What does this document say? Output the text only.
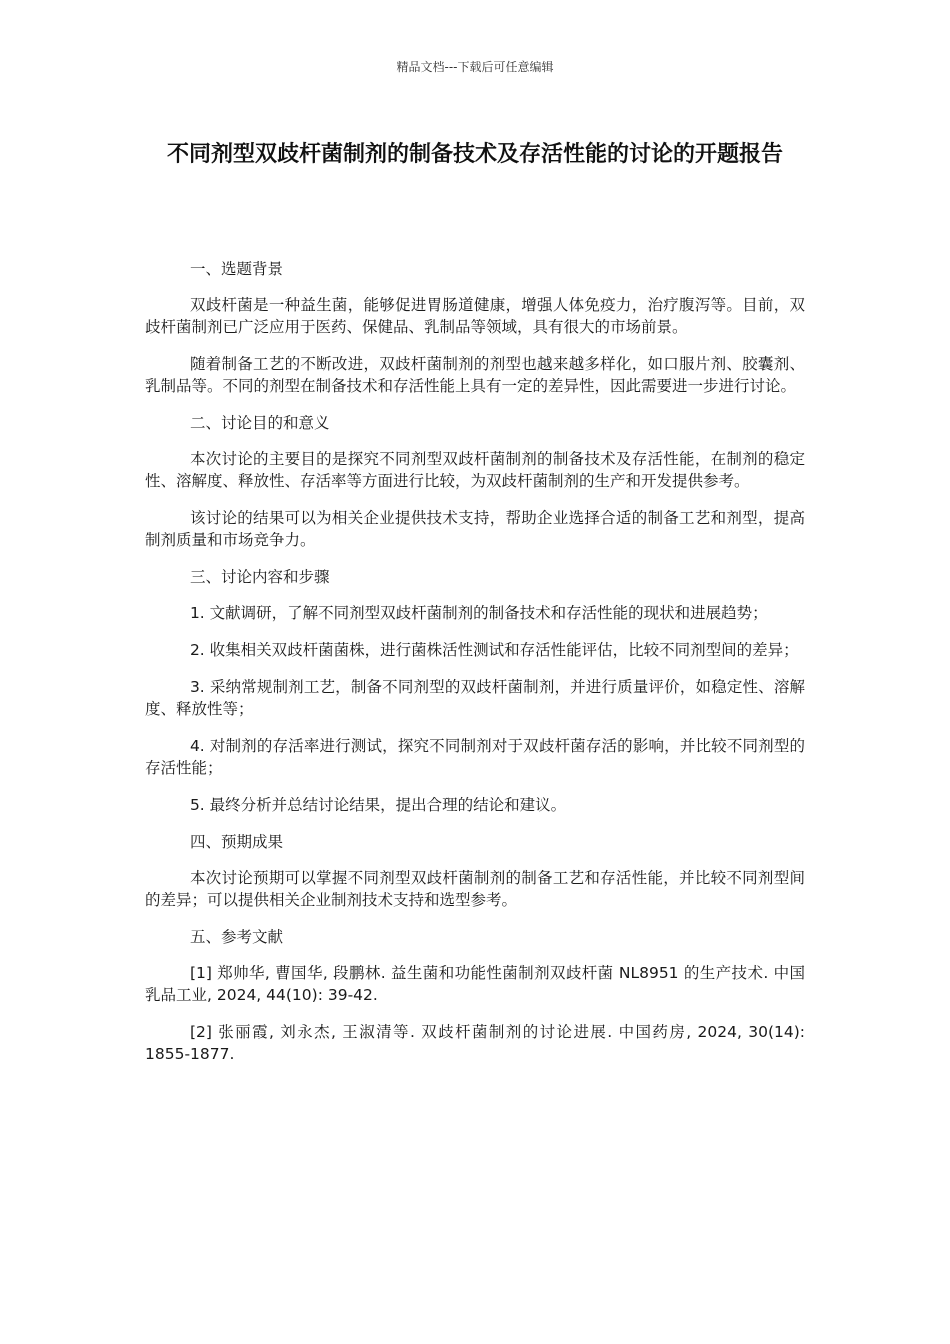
精品文档---下载后可任意编辑
不同剂型双歧杆菌制剂的制备技术及存活性能的讨论的开题报告

一、选题背景

双歧杆菌是一种益生菌，能够促进胃肠道健康，增强人体免疫力，治疗腹泻等。目前，双歧杆菌制剂已广泛应用于医药、保健品、乳制品等领域，具有很大的市场前景。

随着制备工艺的不断改进，双歧杆菌制剂的剂型也越来越多样化，如口服片剂、胶囊剂、乳制品等。不同的剂型在制备技术和存活性能上具有一定的差异性，因此需要进一步进行讨论。

二、讨论目的和意义

本次讨论的主要目的是探究不同剂型双歧杆菌制剂的制备技术及存活性能，在制剂的稳定性、溶解度、释放性、存活率等方面进行比较，为双歧杆菌制剂的生产和开发提供参考。

该讨论的结果可以为相关企业提供技术支持，帮助企业选择合适的制备工艺和剂型，提高制剂质量和市场竞争力。

三、讨论内容和步骤

1. 文献调研，了解不同剂型双歧杆菌制剂的制备技术和存活性能的现状和进展趋势；

2. 收集相关双歧杆菌菌株，进行菌株活性测试和存活性能评估，比较不同剂型间的差异；

3. 采纳常规制剂工艺，制备不同剂型的双歧杆菌制剂，并进行质量评价，如稳定性、溶解度、释放性等；

4. 对制剂的存活率进行测试，探究不同制剂对于双歧杆菌存活的影响，并比较不同剂型的存活性能；

5. 最终分析并总结讨论结果，提出合理的结论和建议。

四、预期成果

本次讨论预期可以掌握不同剂型双歧杆菌制剂的制备工艺和存活性能，并比较不同剂型间的差异；可以提供相关企业制剂技术支持和选型参考。

五、参考文献

[1] 郑帅华, 曹国华, 段鹏林. 益生菌和功能性菌制剂双歧杆菌 NL8951 的生产技术. 中国乳品工业, 2024, 44(10): 39-42.

[2] 张丽霞, 刘永杰, 王淑清等. 双歧杆菌制剂的讨论进展. 中国药房, 2024, 30(14): 1855-1877.
